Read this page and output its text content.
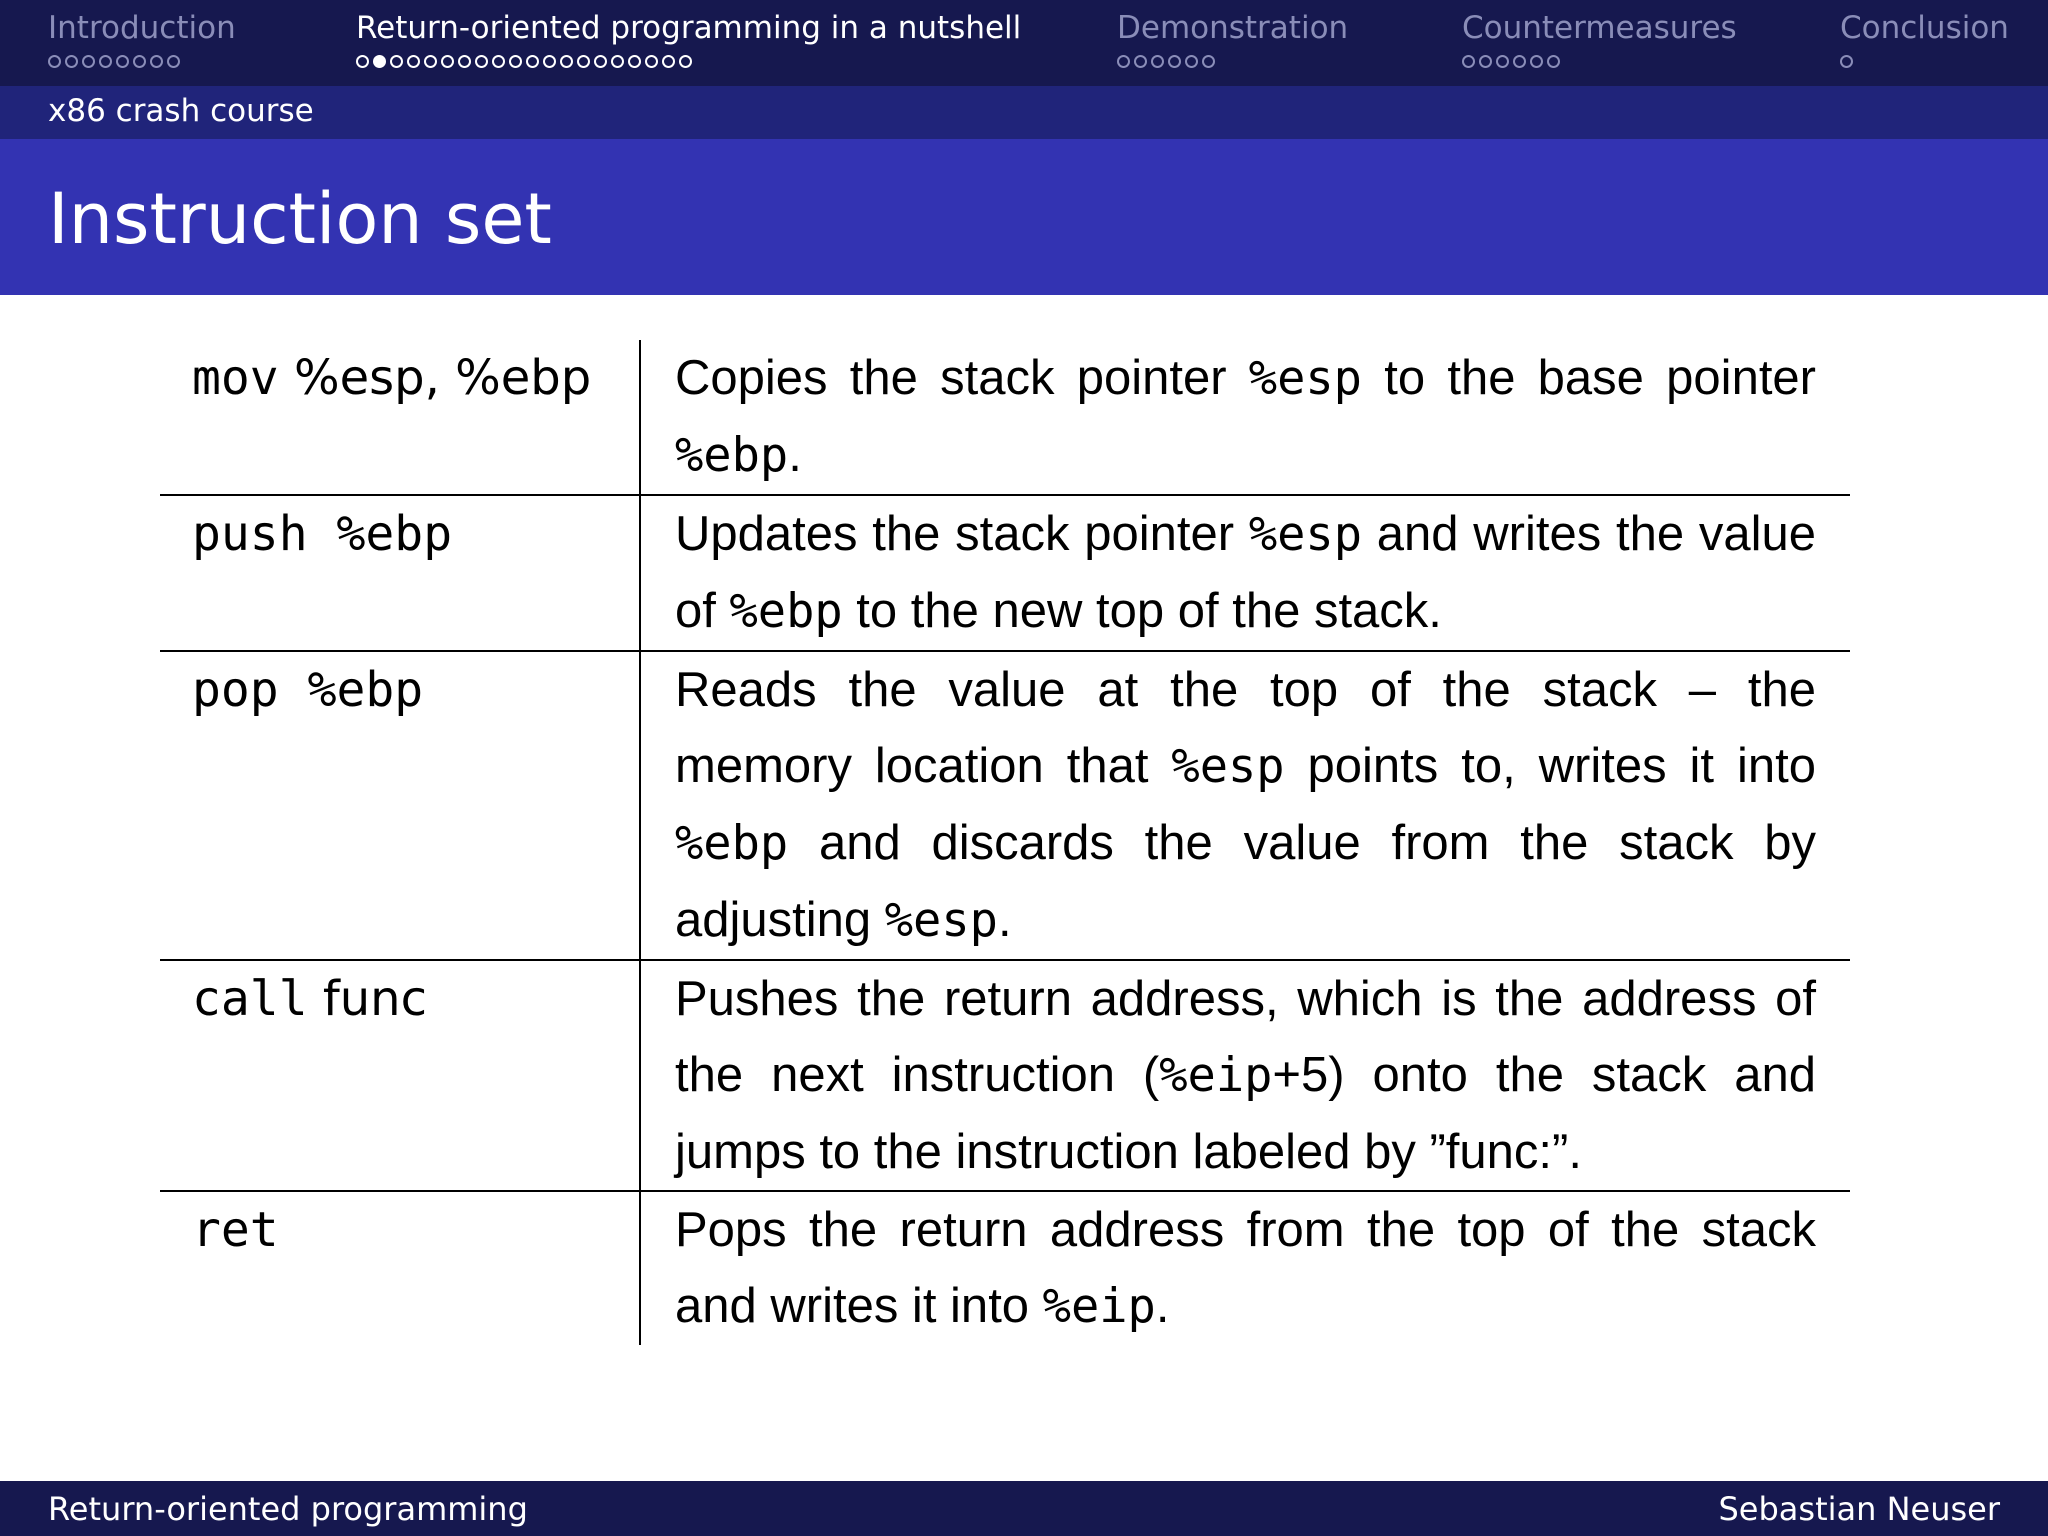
Introduction	Return-oriented programming in a nutshell	Demonstration	Countermeasures	Conclusion
x86 crash course
Instruction set
mov %esp, %ebp	Copies the stack pointer %esp to the base pointer %ebp.
push %ebp	Updates the stack pointer %esp and writes the value of %ebp to the new top of the stack.
pop %ebp	Reads the value at the top of the stack – the memory location that %esp points to, writes it into %ebp and discards the value from the stack by adjusting %esp.
call func	Pushes the return address, which is the address of the next instruction (%eip+5) onto the stack and jumps to the instruction labeled by ”func:”.
ret	Pops the return address from the top of the stack and writes it into %eip.
Return-oriented programming	Sebastian Neuser
